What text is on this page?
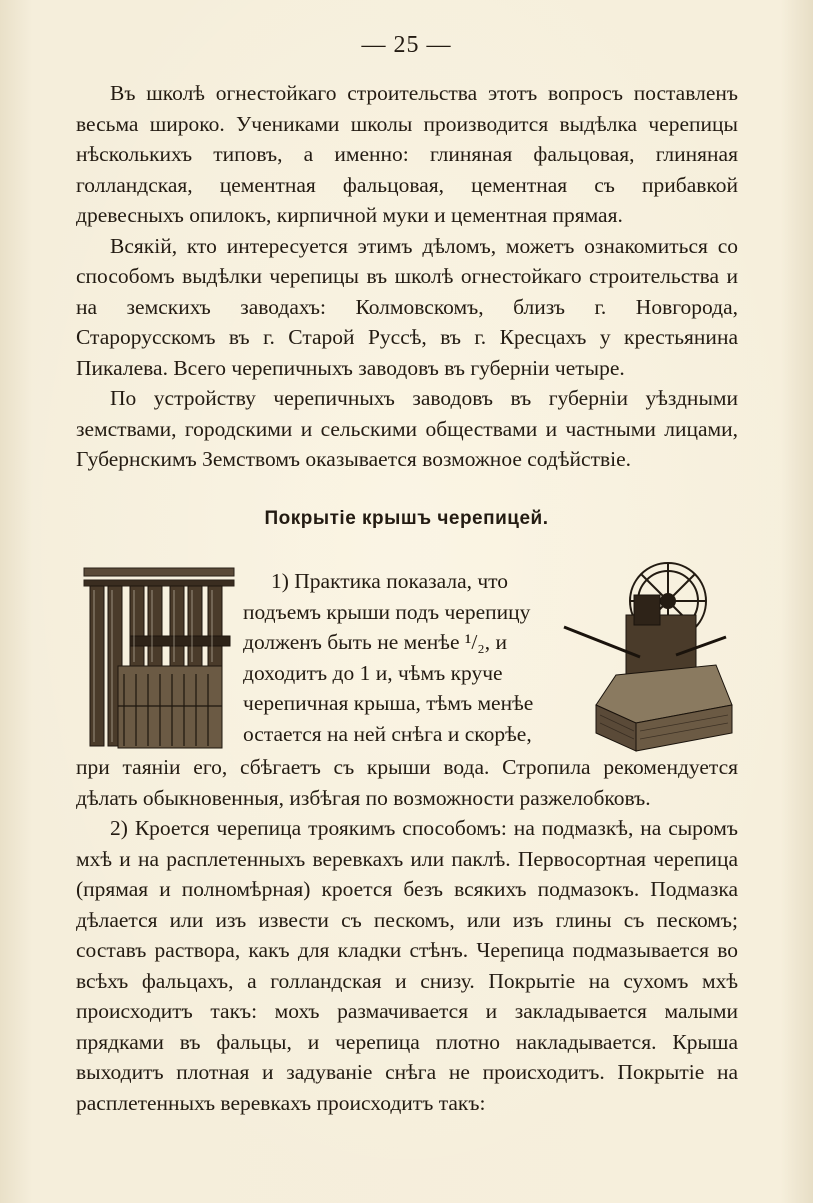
— 25 —

Въ школѣ огнестойкаго строительства этотъ вопросъ поставленъ весьма широко. Учениками школы производится выдѣлка черепицы нѣсколькихъ типовъ, а именно: глиняная фальцовая, глиняная голландская, цементная фальцовая, цементная съ прибавкой древесныхъ опилокъ, кирпичной муки и цементная прямая.

Всякій, кто интересуется этимъ дѣломъ, можетъ ознакомиться со способомъ выдѣлки черепицы въ школѣ огнестойкаго строительства и на земскихъ заводахъ: Колмовскомъ, близъ г. Новгорода, Старорусскомъ въ г. Старой Руссѣ, въ г. Кресцахъ у крестьянина Пикалева. Всего черепичныхъ заводовъ въ губерніи четыре.

По устройству черепичныхъ заводовъ въ губерніи уѣздными земствами, городскими и сельскими обществами и частными лицами, Губернскимъ Земствомъ оказывается возможное содѣйствіе.

Покрытіе крышъ черепицей.
1) Практика показала, что
подъемъ крыши подъ черепицу
долженъ быть не менѣе ¹/₂, и
доходитъ до 1 и, чѣмъ круче
черепичная крыша, тѣмъ менѣе
остается на ней снѣга и скорѣе,

при таяніи его, сбѣгаетъ съ крыши вода. Стропила рекомендуется дѣлать обыкновенныя, избѣгая по возможности разжелобковъ.

2) Кроется черепица троякимъ способомъ: на подмазкѣ, на сыромъ мхѣ и на расплетенныхъ веревкахъ или паклѣ. Первосортная черепица (прямая и полномѣрная) кроется безъ всякихъ подмазокъ. Подмазка дѣлается или изъ извести съ пескомъ, или изъ глины съ пескомъ; составъ раствора, какъ для кладки стѣнъ. Черепица подмазывается во всѣхъ фальцахъ, а голландская и снизу. Покрытіе на сухомъ мхѣ происходитъ такъ: мохъ размачивается и закладывается малыми прядками въ фальцы, и черепица плотно накладывается. Крыша выходитъ плотная и задуваніе снѣга не происходитъ. Покрытіе на расплетенныхъ веревкахъ происходитъ такъ:
